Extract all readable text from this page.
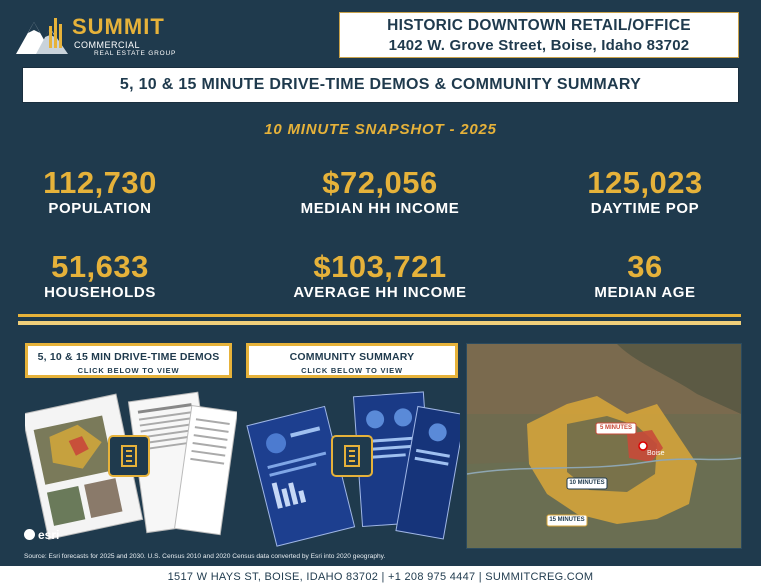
SUMMIT
COMMERCIAL
REAL ESTATE GROUP
HISTORIC DOWNTOWN RETAIL/OFFICE
1402 W. Grove Street, Boise, Idaho 83702
5, 10 & 15 MINUTE DRIVE-TIME DEMOS & COMMUNITY SUMMARY
10 MINUTE SNAPSHOT - 2025
112,730
POPULATION
$72,056
MEDIAN HH INCOME
125,023
DAYTIME POP
51,633
HOUSEHOLDS
$103,721
AVERAGE HH INCOME
36
MEDIAN AGE
5, 10 & 15 MIN DRIVE-TIME DEMOS
CLICK BELOW TO VIEW
COMMUNITY SUMMARY
CLICK BELOW TO VIEW
5 MINUTES
10 MINUTES
15 MINUTES
Boise
esri
Source: Esri forecasts for 2025 and 2030. U.S. Census 2010 and 2020 Census data converted by Esri into 2020 geography.
1517 W HAYS ST, BOISE, IDAHO 83702 | +1 208 975 4447 | SUMMITCREG.COM
